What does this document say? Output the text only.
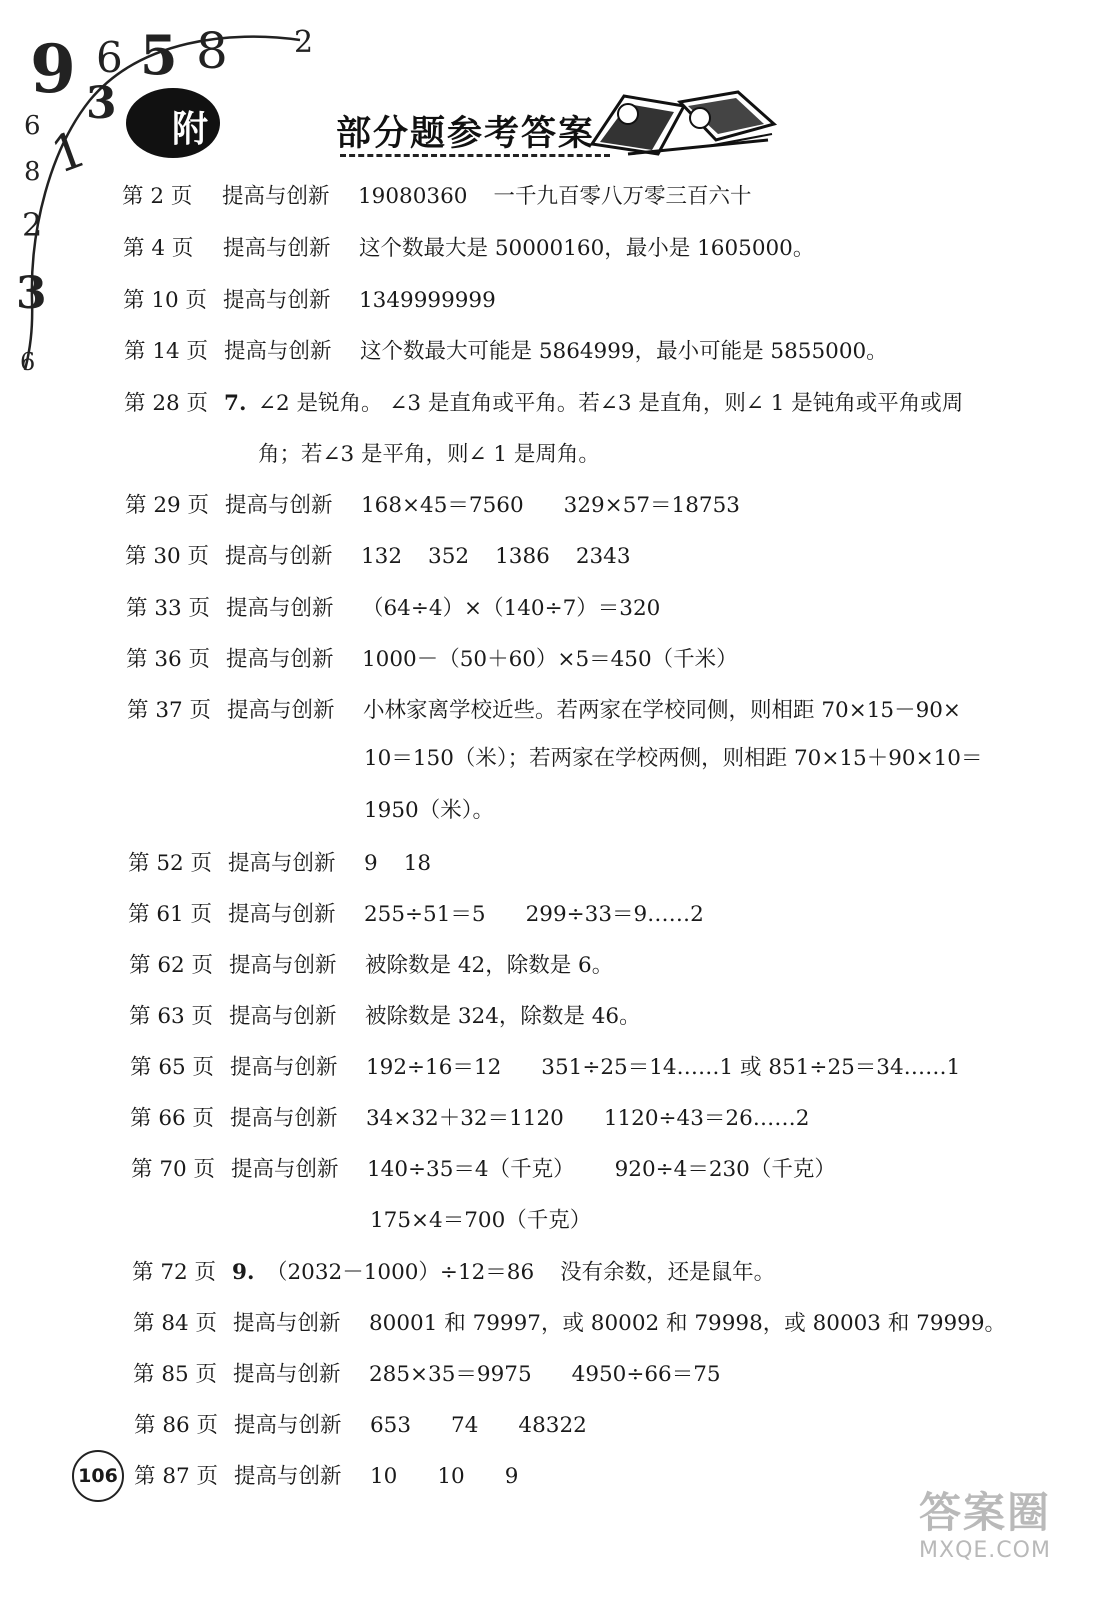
9 6 5 8 2
3
6 1
8
2
3
6
附	部分题参考答案
第 2 页	提高与创新	19080360 一千九百零八万零三百六十
第 4 页	提高与创新	这个数最大是 50000160，最小是 1605000。
第 10 页 提高与创新	1349999999
第 14 页 提高与创新	这个数最大可能是 5864999，最小可能是 5855000。
第 28 页 7. ∠2 是锐角。 ∠3 是直角或平角。若∠3 是直角，则∠ 1 是钝角或平角或周
角；若∠3 是平角，则∠ 1 是周角。
第 29 页 提高与创新	168×45＝7560 329×57＝18753
第 30 页 提高与创新	132 352 1386 2343
第 33 页 提高与创新	（64÷4）×（140÷7）＝320
第 36 页 提高与创新	1000－（50＋60）×5＝450（千米）
第 37 页 提高与创新	小林家离学校近些。若两家在学校同侧，则相距 70×15－90×
10＝150（米）；若两家在学校两侧，则相距 70×15＋90×10＝
1950（米）。
第 52 页 提高与创新	9 18
第 61 页 提高与创新	255÷51＝5 299÷33＝9……2
第 62 页 提高与创新	被除数是 42，除数是 6。
第 63 页 提高与创新	被除数是 324，除数是 46。
第 65 页 提高与创新	192÷16＝12 351÷25＝14……1 或 851÷25＝34……1
第 66 页 提高与创新	34×32＋32＝1120 1120÷43＝26……2
第 70 页 提高与创新	140÷35＝4（千克） 920÷4＝230（千克）
175×4＝700（千克）
第 72 页 9. （2032－1000）÷12＝86 没有余数，还是鼠年。
第 84 页 提高与创新	80001 和 79997，或 80002 和 79998，或 80003 和 79999。
第 85 页 提高与创新	285×35＝9975 4950÷66＝75
第 86 页 提高与创新	653 74 48322
第 87 页 提高与创新	10 10 9
106
答案圈
MXQE.COM
